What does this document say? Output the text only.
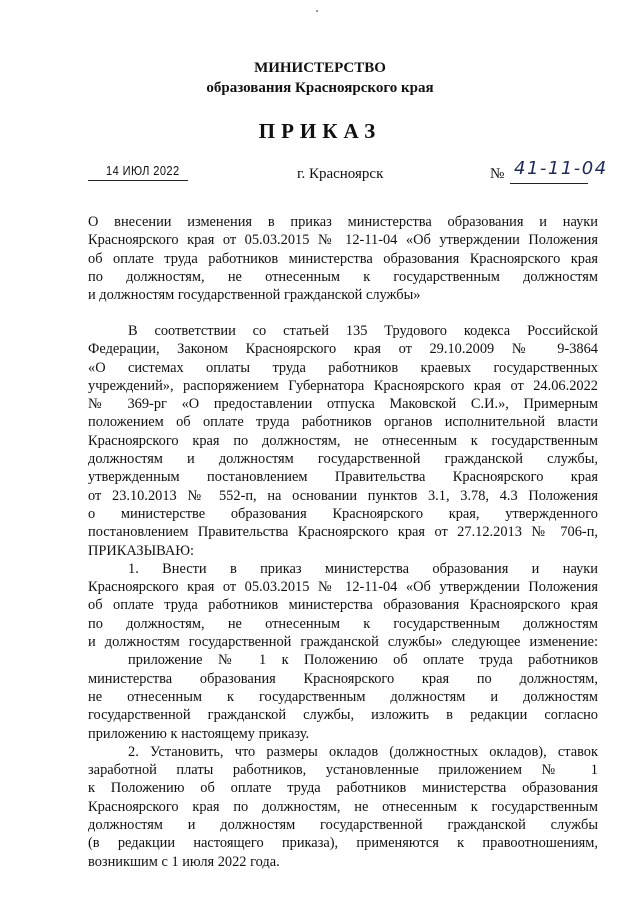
МИНИСТЕРСТВО
образования Красноярского края
ПРИКАЗ
14 ИЮЛ 2022	г. Красноярск	№ 41-11-04
О внесении изменения в приказ министерства образования и науки
Красноярского края от 05.03.2015 № 12-11-04 «Об утверждении Положения
об оплате труда работников министерства образования Красноярского края
по должностям, не отнесенным к государственным должностям
и должностям государственной гражданской службы»
В соответствии со статьей 135 Трудового кодекса Российской
Федерации, Законом Красноярского края от 29.10.2009 № 9-3864
«О системах оплаты труда работников краевых государственных
учреждений», распоряжением Губернатора Красноярского края от 24.06.2022
№ 369-рг «О предоставлении отпуска Маковской С.И.», Примерным
положением об оплате труда работников органов исполнительной власти
Красноярского края по должностям, не отнесенным к государственным
должностям и должностям государственной гражданской службы,
утвержденным постановлением Правительства Красноярского края
от 23.10.2013 № 552-п, на основании пунктов 3.1, 3.78, 4.3 Положения
о министерстве образования Красноярского края, утвержденного
постановлением Правительства Красноярского края от 27.12.2013 № 706-п,
ПРИКАЗЫВАЮ:
1. Внести в приказ министерства образования и науки
Красноярского края от 05.03.2015 № 12-11-04 «Об утверждении Положения
об оплате труда работников министерства образования Красноярского края
по должностям, не отнесенным к государственным должностям
и должностям государственной гражданской службы» следующее изменение:
приложение № 1 к Положению об оплате труда работников
министерства образования Красноярского края по должностям,
не отнесенным к государственным должностям и должностям
государственной гражданской службы, изложить в редакции согласно
приложению к настоящему приказу.
2. Установить, что размеры окладов (должностных окладов), ставок
заработной платы работников, установленные приложением № 1
к Положению об оплате труда работников министерства образования
Красноярского края по должностям, не отнесенным к государственным
должностям и должностям государственной гражданской службы
(в редакции настоящего приказа), применяются к правоотношениям,
возникшим с 1 июля 2022 года.
